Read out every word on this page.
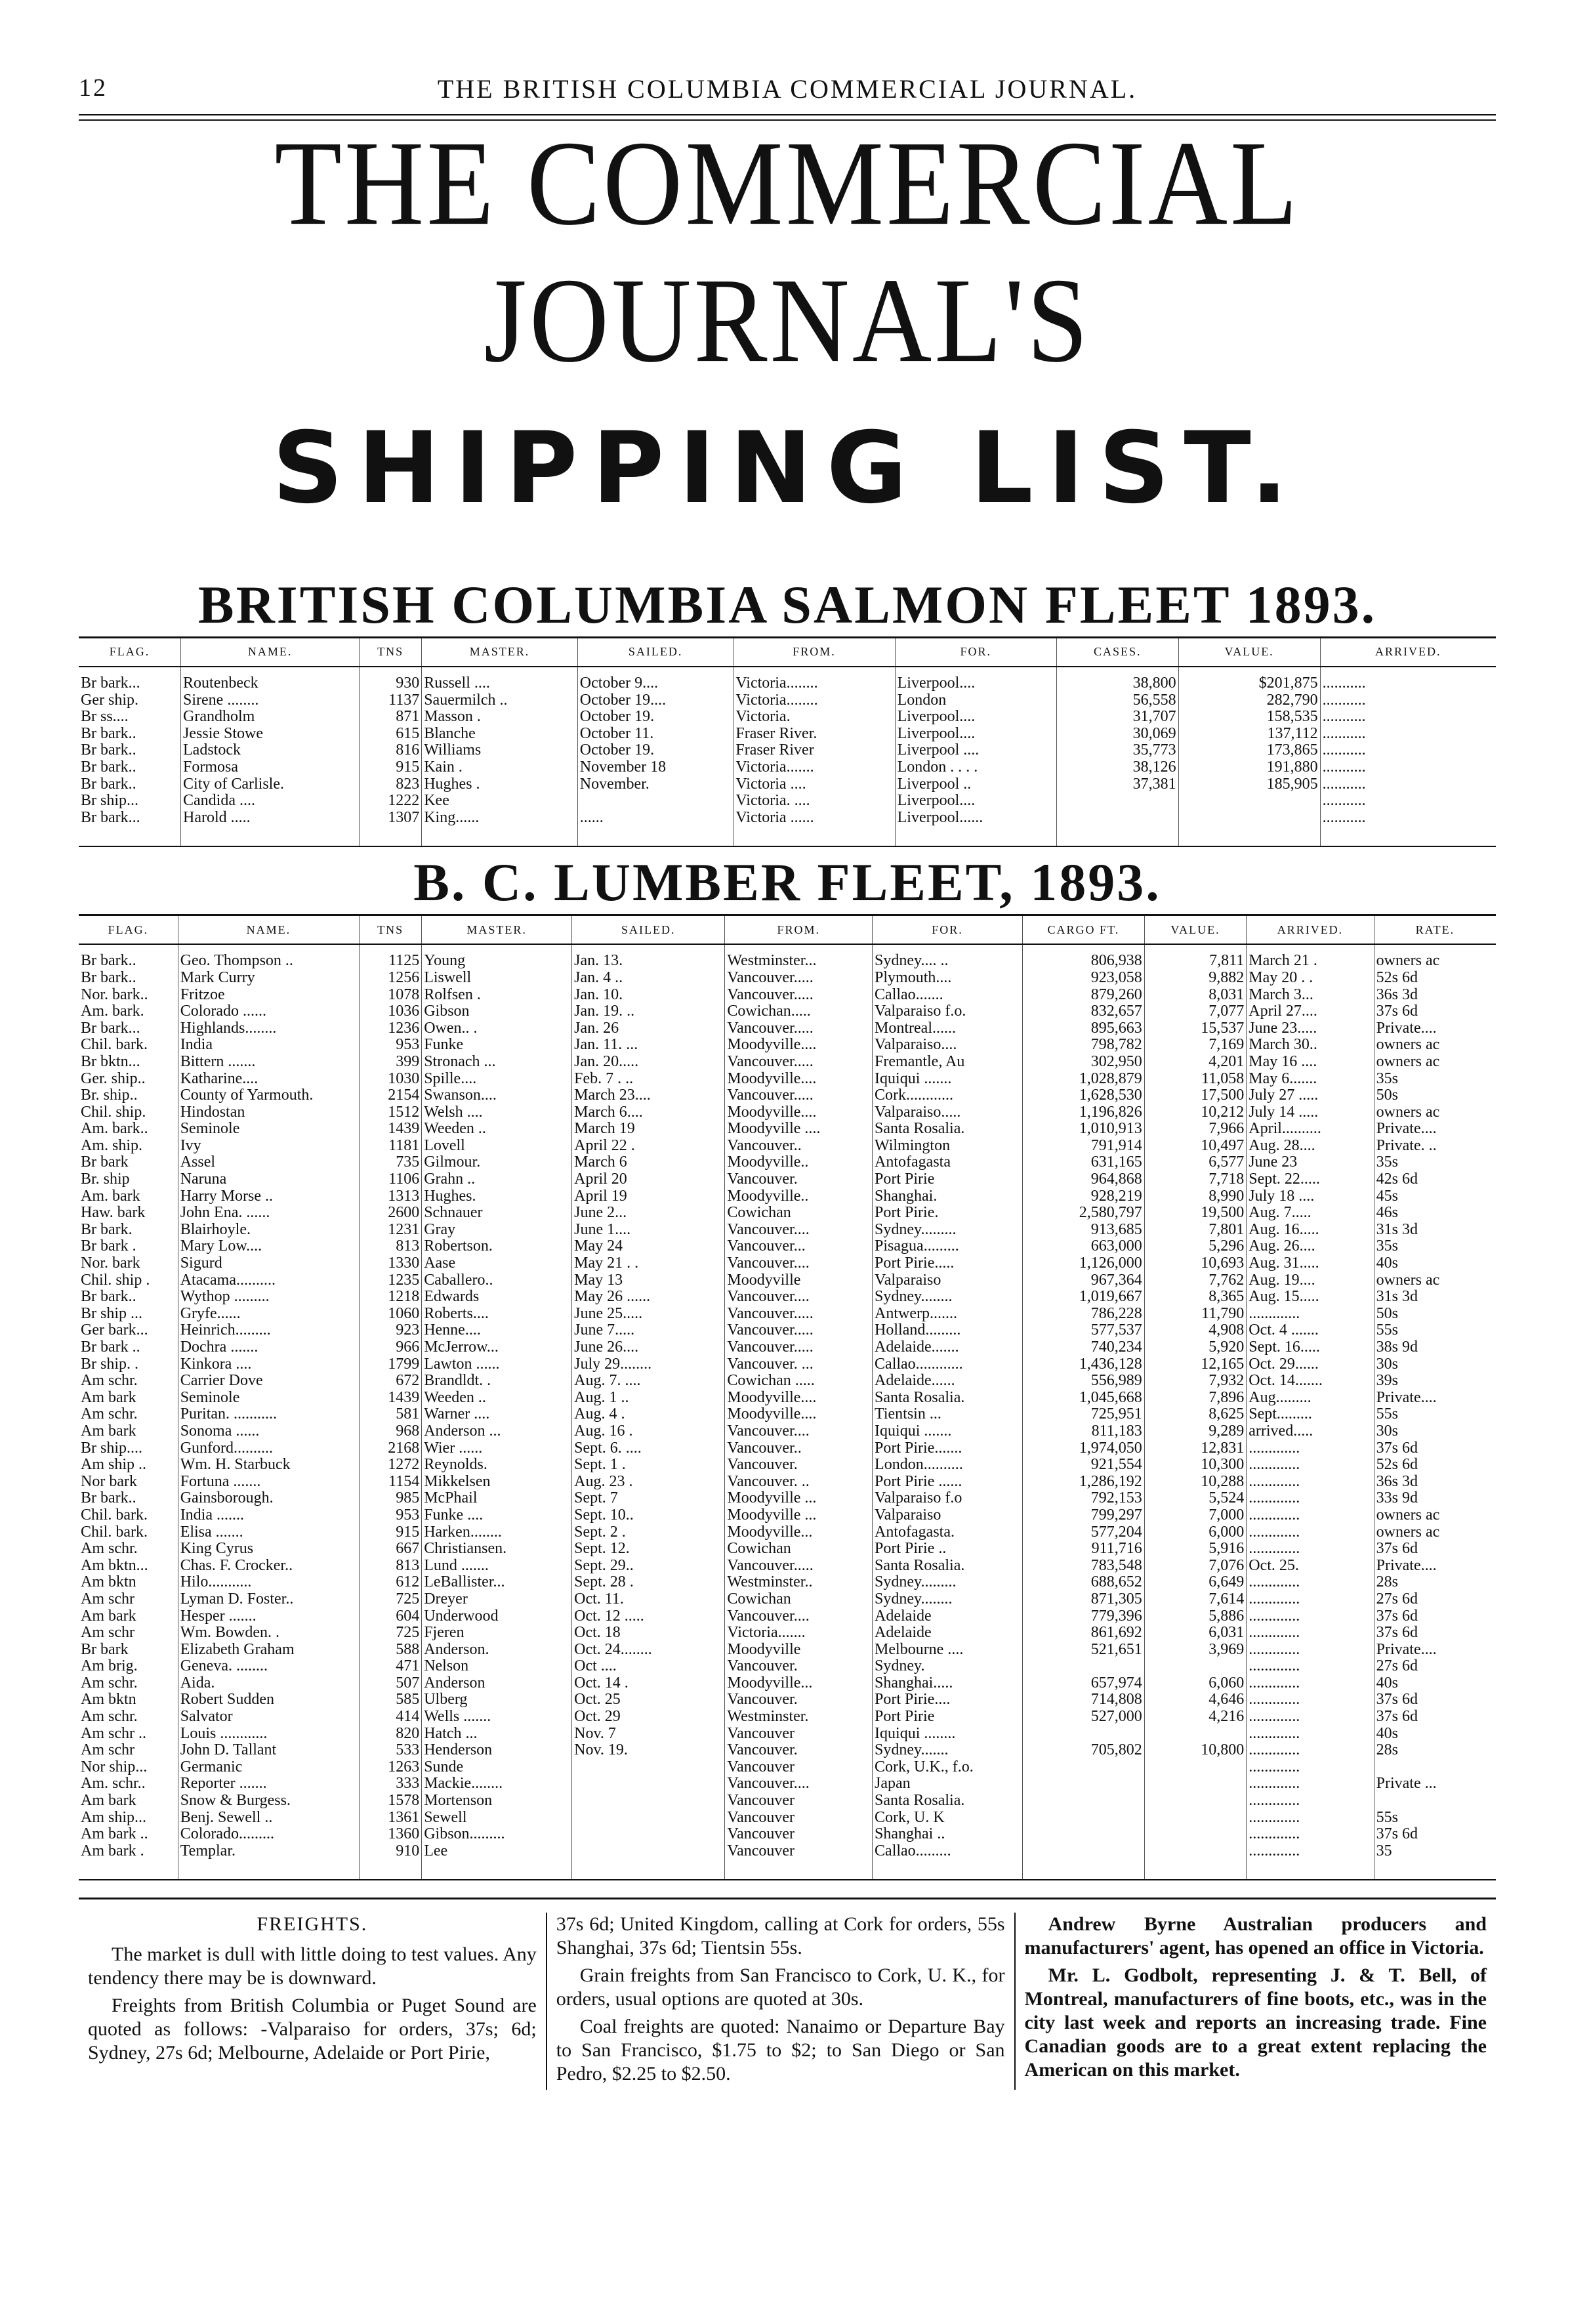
12	THE BRITISH COLUMBIA COMMERCIAL JOURNAL.
THE COMMERCIAL JOURNAL'S
SHIPPING LIST.
BRITISH COLUMBIA SALMON FLEET 1893.
FLAG.	NAME.	TNS	MASTER.	SAILED.	FROM.	FOR.	CASES.	VALUE.	ARRIVED.
Br bark...	Routenbeck	930	Russell ....	October 9....	Victoria........	Liverpool....	38,800	$201,875	...........
Ger ship.	Sirene ........	1137	Sauermilch ..	October 19....	Victoria........	London	56,558	282,790	...........
Br ss....	Grandholm	871	Masson .	October 19.	Victoria.	Liverpool....	31,707	158,535	...........
Br bark..	Jessie Stowe	615	Blanche	October 11.	Fraser River.	Liverpool....	30,069	137,112	...........
Br bark..	Ladstock	816	Williams	October 19.	Fraser River	Liverpool ....	35,773	173,865	...........
Br bark..	Formosa	915	Kain .	November 18	Victoria.......	London . . . .	38,126	191,880	...........
Br bark..	City of Carlisle.	823	Hughes .	November.	Victoria ....	Liverpool ..	37,381	185,905	...........
Br ship...	Candida ....	1222	Kee		Victoria. ....	Liverpool....			...........
Br bark...	Harold .....	1307	King......	......	Victoria ......	Liverpool......			...........

B. C. LUMBER FLEET, 1893.
FLAG.	NAME.	TNS	MASTER.	SAILED.	FROM.	FOR.	CARGO FT.	VALUE.	ARRIVED.	RATE.
Br bark..	Geo. Thompson ..	1125	Young	Jan. 13.	Westminster...	Sydney.... ..	806,938	7,811	March 21 .	owners ac
Br bark..	Mark Curry	1256	Liswell	Jan. 4 ..	Vancouver.....	Plymouth....	923,058	9,882	May 20 . .	52s 6d
Nor. bark..	Fritzoe	1078	Rolfsen .	Jan. 10.	Vancouver.....	Callao.......	879,260	8,031	March 3...	36s 3d
Am. bark.	Colorado ......	1036	Gibson	Jan. 19. ..	Cowichan.....	Valparaiso f.o.	832,657	7,077	April 27....	37s 6d
Br bark...	Highlands........	1236	Owen.. .	Jan. 26	Vancouver.....	Montreal......	895,663	15,537	June 23.....	Private....
Chil. bark.	India	953	Funke	Jan. 11. ...	Moodyville....	Valparaiso....	798,782	7,169	March 30..	owners ac
Br bktn...	Bittern .......	399	Stronach ...	Jan. 20.....	Vancouver.....	Fremantle, Au	302,950	4,201	May 16 ....	owners ac
Ger. ship..	Katharine....	1030	Spille....	Feb. 7 . ..	Moodyville....	Iquiqui .......	1,028,879	11,058	May 6.......	35s
Br. ship..	County of Yarmouth.	2154	Swanson....	March 23....	Vancouver.....	Cork............	1,628,530	17,500	July 27 .....	50s
Chil. ship.	Hindostan	1512	Welsh ....	March 6....	Moodyville....	Valparaiso.....	1,196,826	10,212	July 14 .....	owners ac
Am. bark..	Seminole	1439	Weeden ..	March 19	Moodyville ....	Santa Rosalia.	1,010,913	7,966	April..........	Private....
Am. ship.	Ivy	1181	Lovell	April 22 .	Vancouver..	Wilmington	791,914	10,497	Aug. 28....	Private. ..
Br bark	Assel	735	Gilmour.	March 6	Moodyville..	Antofagasta	631,165	6,577	June 23	35s
Br. ship	Naruna	1106	Grahn ..	April 20	Vancouver.	Port Pirie	964,868	7,718	Sept. 22.....	42s 6d
Am. bark	Harry Morse ..	1313	Hughes.	April 19	Moodyville..	Shanghai.	928,219	8,990	July 18 ....	45s
Haw. bark	John Ena. ......	2600	Schnauer	June 2...	Cowichan	Port Pirie.	2,580,797	19,500	Aug. 7.....	46s
Br bark.	Blairhoyle.	1231	Gray	June 1....	Vancouver....	Sydney.........	913,685	7,801	Aug. 16.....	31s 3d
Br bark .	Mary Low....	813	Robertson.	May 24	Vancouver...	Pisagua.........	663,000	5,296	Aug. 26....	35s
Nor. bark	Sigurd	1330	Aase	May 21 . .	Vancouver....	Port Pirie.....	1,126,000	10,693	Aug. 31.....	40s
Chil. ship .	Atacama..........	1235	Caballero..	May 13	Moodyville	Valparaiso	967,364	7,762	Aug. 19....	owners ac
Br bark..	Wythop .........	1218	Edwards	May 26 ......	Vancouver....	Sydney........	1,019,667	8,365	Aug. 15.....	31s 3d
Br ship ...	Gryfe......	1060	Roberts....	June 25.....	Vancouver.....	Antwerp.......	786,228	11,790	.............	50s
Ger bark...	Heinrich.........	923	Henne....	June 7.....	Vancouver.....	Holland.........	577,537	4,908	Oct. 4 .......	55s
Br bark ..	Dochra .......	966	McJerrow...	June 26....	Vancouver.....	Adelaide.......	740,234	5,920	Sept. 16.....	38s 9d
Br ship. .	Kinkora ....	1799	Lawton ......	July 29........	Vancouver. ...	Callao............	1,436,128	12,165	Oct. 29......	30s
Am schr.	Carrier Dove	672	Brandldt. .	Aug. 7. ....	Cowichan .....	Adelaide......	556,989	7,932	Oct. 14.......	39s
Am bark	Seminole	1439	Weeden ..	Aug. 1 ..	Moodyville....	Santa Rosalia.	1,045,668	7,896	Aug.........	Private....
Am schr.	Puritan. ...........	581	Warner ....	Aug. 4 .	Moodyville....	Tientsin ...	725,951	8,625	Sept.........	55s
Am bark	Sonoma ......	968	Anderson ...	Aug. 16 .	Vancouver....	Iquiqui .......	811,183	9,289	arrived.....	30s
Br ship....	Gunford..........	2168	Wier ......	Sept. 6. ....	Vancouver..	Port Pirie.......	1,974,050	12,831	.............	37s 6d
Am ship ..	Wm. H. Starbuck	1272	Reynolds.	Sept. 1 .	Vancouver.	London..........	921,554	10,300	.............	52s 6d
Nor bark	Fortuna .......	1154	Mikkelsen	Aug. 23 .	Vancouver. ..	Port Pirie ......	1,286,192	10,288	.............	36s 3d
Br bark..	Gainsborough.	985	McPhail	Sept. 7	Moodyville ...	Valparaiso f.o	792,153	5,524	.............	33s 9d
Chil. bark.	India .......	953	Funke ....	Sept. 10..	Moodyville ...	Valparaiso	799,297	7,000	.............	owners ac
Chil. bark.	Elisa .......	915	Harken........	Sept. 2 .	Moodyville...	Antofagasta.	577,204	6,000	.............	owners ac
Am schr.	King Cyrus	667	Christiansen.	Sept. 12.	Cowichan	Port Pirie ..	911,716	5,916	.............	37s 6d
Am bktn...	Chas. F. Crocker..	813	Lund .......	Sept. 29..	Vancouver.....	Santa Rosalia.	783,548	7,076	Oct. 25.	Private....
Am bktn	Hilo...........	612	LeBallister...	Sept. 28 .	Westminster..	Sydney.........	688,652	6,649	.............	28s
Am schr	Lyman D. Foster..	725	Dreyer	Oct. 11.	Cowichan	Sydney........	871,305	7,614	.............	27s 6d
Am bark	Hesper .......	604	Underwood	Oct. 12 .....	Vancouver....	Adelaide	779,396	5,886	.............	37s 6d
Am schr	Wm. Bowden. .	725	Fjeren	Oct. 18	Victoria.......	Adelaide	861,692	6,031	.............	37s 6d
Br bark	Elizabeth Graham	588	Anderson.	Oct. 24........	Moodyville	Melbourne ....	521,651	3,969	.............	Private....
Am brig.	Geneva. ........	471	Nelson	Oct ....	Vancouver.	Sydney.			.............	27s 6d
Am schr.	Aida.	507	Anderson	Oct. 14 .	Moodyville...	Shanghai.....	657,974	6,060	.............	40s
Am bktn	Robert Sudden	585	Ulberg	Oct. 25	Vancouver.	Port Pirie....	714,808	4,646	.............	37s 6d
Am schr.	Salvator	414	Wells .......	Oct. 29	Westminster.	Port Pirie	527,000	4,216	.............	37s 6d
Am schr ..	Louis ............	820	Hatch ...	Nov. 7	Vancouver	Iquiqui ........			.............	40s
Am schr	John D. Tallant	533	Henderson	Nov. 19.	Vancouver.	Sydney.......	705,802	10,800	.............	28s
Nor ship...	Germanic	1263	Sunde		Vancouver	Cork, U.K., f.o.			.............	
Am. schr..	Reporter .......	333	Mackie........		Vancouver....	Japan			.............	Private ...
Am bark	Snow & Burgess.	1578	Mortenson		Vancouver	Santa Rosalia.			.............	
Am ship...	Benj. Sewell ..	1361	Sewell		Vancouver	Cork, U. K			.............	55s
Am bark ..	Colorado.........	1360	Gibson.........		Vancouver	Shanghai ..			.............	37s 6d
Am bark .	Templar.	910	Lee		Vancouver	Callao.........			.............	35

FREIGHTS.

The market is dull with little doing to test values. Any tendency there may be is downward.

Freights from British Columbia or Puget Sound are quoted as follows: -Valparaiso for orders, 37s; 6d; Sydney, 27s 6d; Melbourne, Adelaide or Port Pirie,

37s 6d; United Kingdom, calling at Cork for orders, 55s Shanghai, 37s 6d; Tientsin 55s.

Grain freights from San Francisco to Cork, U. K., for orders, usual options are quoted at 30s.

Coal freights are quoted: Nanaimo or Departure Bay to San Francisco, $1.75 to $2; to San Diego or San Pedro, $2.25 to $2.50.

Andrew Byrne Australian producers and manufacturers' agent, has opened an office in Victoria.

Mr. L. Godbolt, representing J. & T. Bell, of Montreal, manufacturers of fine boots, etc., was in the city last week and reports an increasing trade. Fine Canadian goods are to a great extent replacing the American on this market.
